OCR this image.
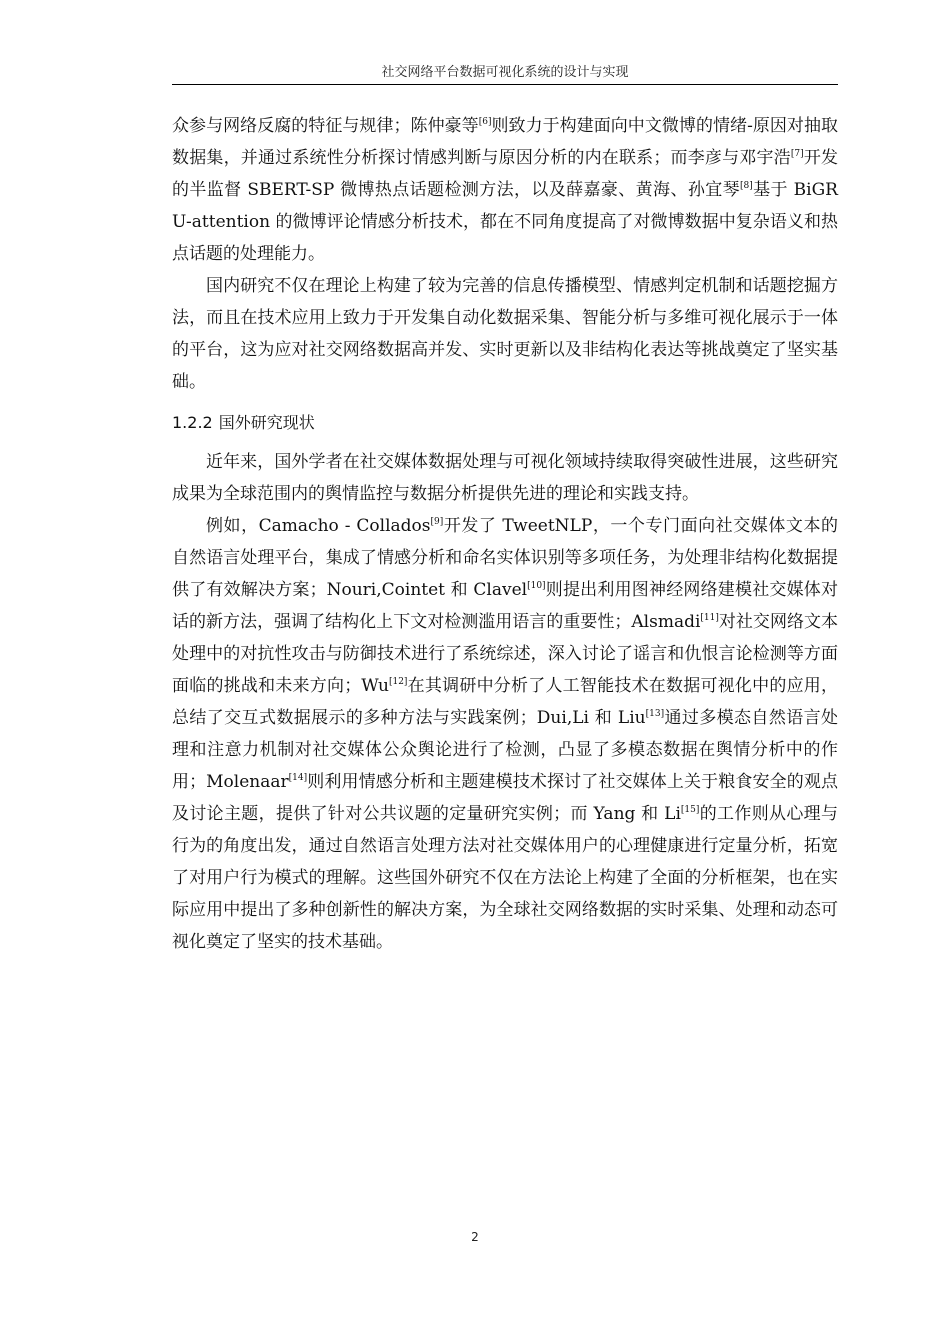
社交网络平台数据可视化系统的设计与实现

众参与网络反腐的特征与规律；陈仲豪等[6]则致力于构建面向中文微博的情绪-原因对抽取数据集，并通过系统性分析探讨情感判断与原因分析的内在联系；而李彦与邓宇浩[7]开发的半监督 SBERT-SP 微博热点话题检测方法，以及薛嘉豪、黄海、孙宜琴[8]基于 BiGRU-attention 的微博评论情感分析技术，都在不同角度提高了对微博数据中复杂语义和热点话题的处理能力。

国内研究不仅在理论上构建了较为完善的信息传播模型、情感判定机制和话题挖掘方法，而且在技术应用上致力于开发集自动化数据采集、智能分析与多维可视化展示于一体的平台，这为应对社交网络数据高并发、实时更新以及非结构化表达等挑战奠定了坚实基础。

1.2.2 国外研究现状

近年来，国外学者在社交媒体数据处理与可视化领域持续取得突破性进展，这些研究成果为全球范围内的舆情监控与数据分析提供先进的理论和实践支持。

例如，Camacho - Collados[9]开发了 TweetNLP，一个专门面向社交媒体文本的自然语言处理平台，集成了情感分析和命名实体识别等多项任务，为处理非结构化数据提供了有效解决方案；Nouri,Cointet 和 Clavel[10]则提出利用图神经网络建模社交媒体对话的新方法，强调了结构化上下文对检测滥用语言的重要性；Alsmadi[11]对社交网络文本处理中的对抗性攻击与防御技术进行了系统综述，深入讨论了谣言和仇恨言论检测等方面面临的挑战和未来方向；Wu[12]在其调研中分析了人工智能技术在数据可视化中的应用，总结了交互式数据展示的多种方法与实践案例；Dui,Li 和 Liu[13]通过多模态自然语言处理和注意力机制对社交媒体公众舆论进行了检测，凸显了多模态数据在舆情分析中的作用；Molenaar[14]则利用情感分析和主题建模技术探讨了社交媒体上关于粮食安全的观点及讨论主题，提供了针对公共议题的定量研究实例；而 Yang 和 Li[15]的工作则从心理与行为的角度出发，通过自然语言处理方法对社交媒体用户的心理健康进行定量分析，拓宽了对用户行为模式的理解。这些国外研究不仅在方法论上构建了全面的分析框架，也在实际应用中提出了多种创新性的解决方案，为全球社交网络数据的实时采集、处理和动态可视化奠定了坚实的技术基础。

2
